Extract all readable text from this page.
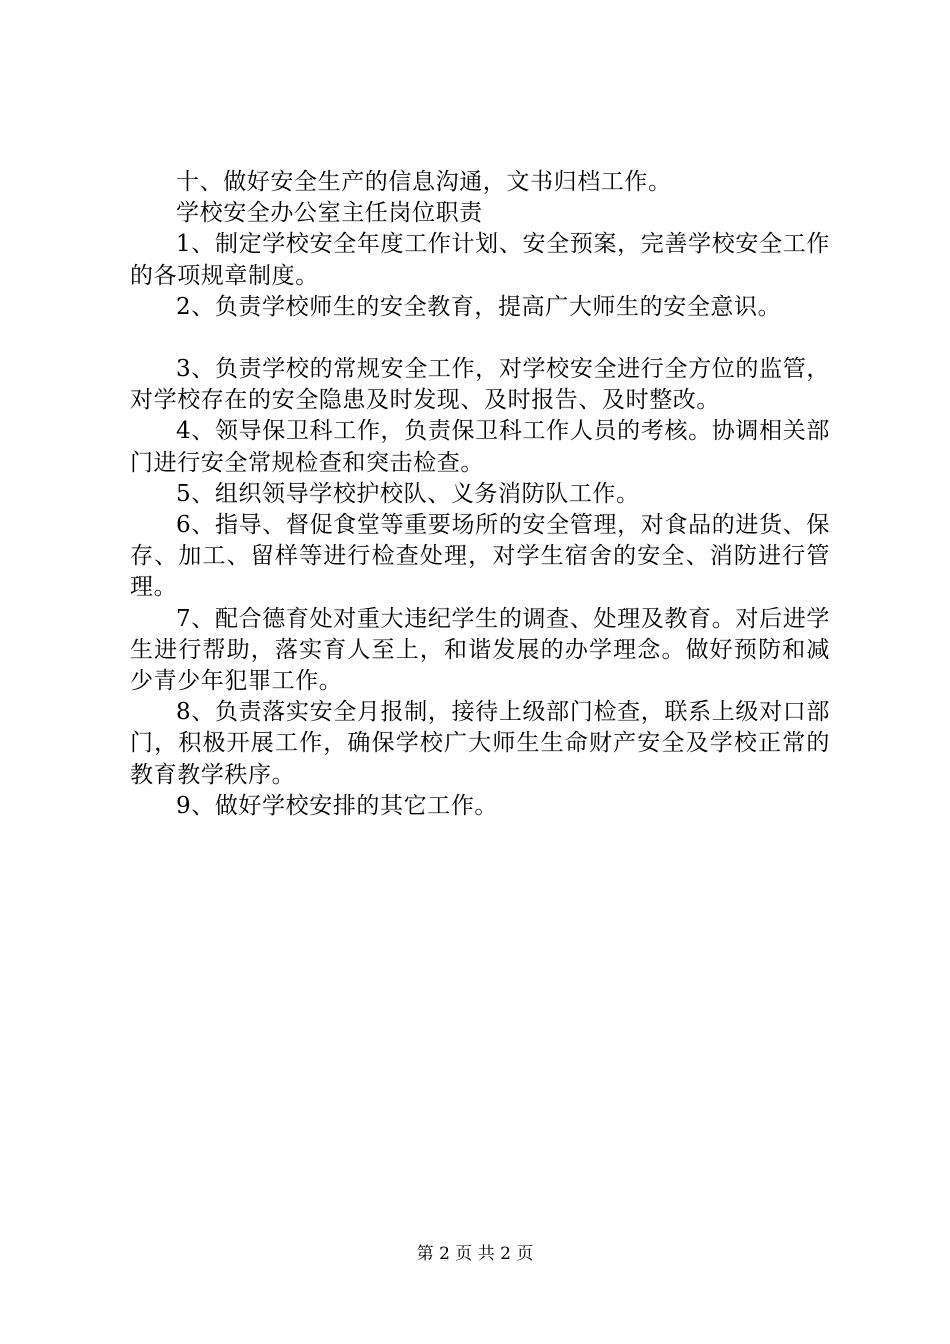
十、做好安全生产的信息沟通，文书归档工作。

学校安全办公室主任岗位职责

1、制定学校安全年度工作计划、安全预案，完善学校安全工作的各项规章制度。

2、负责学校师生的安全教育，提高广大师生的安全意识。

3、负责学校的常规安全工作，对学校安全进行全方位的监管，对学校存在的安全隐患及时发现、及时报告、及时整改。

4、领导保卫科工作，负责保卫科工作人员的考核。协调相关部门进行安全常规检查和突击检查。

5、组织领导学校护校队、义务消防队工作。

6、指导、督促食堂等重要场所的安全管理，对食品的进货、保存、加工、留样等进行检查处理，对学生宿舍的安全、消防进行管理。

7、配合德育处对重大违纪学生的调查、处理及教育。对后进学生进行帮助，落实育人至上，和谐发展的办学理念。做好预防和减少青少年犯罪工作。

8、负责落实安全月报制，接待上级部门检查，联系上级对口部门，积极开展工作，确保学校广大师生生命财产安全及学校正常的教育教学秩序。

9、做好学校安排的其它工作。

第 2 页 共 2 页
